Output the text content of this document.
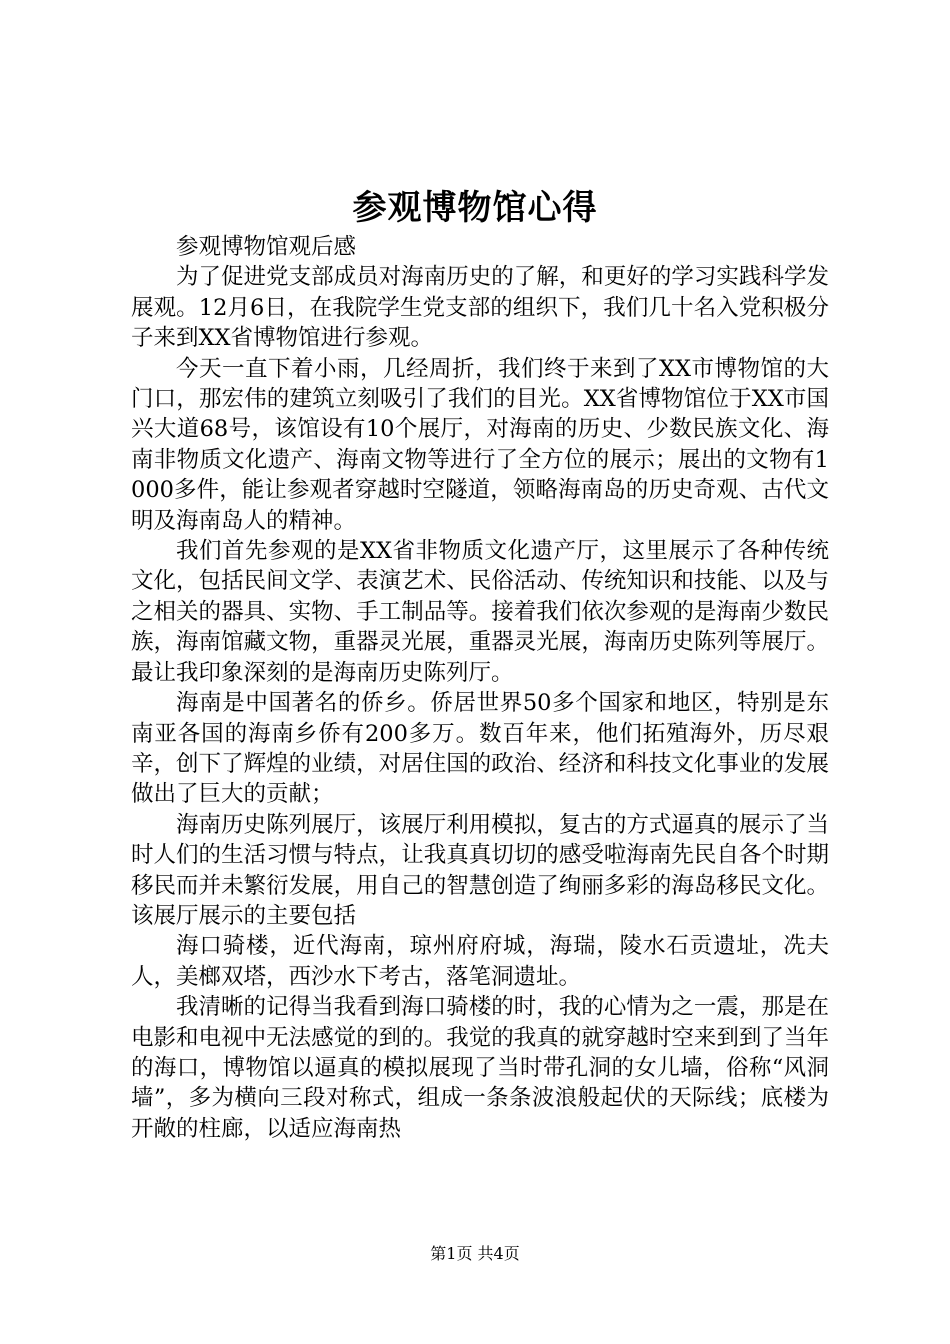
参观博物馆心得

参观博物馆观后感

为了促进党支部成员对海南历史的了解，和更好的学习实践科学发展观。12月6日，在我院学生党支部的组织下，我们几十名入党积极分子来到XX省博物馆进行参观。

今天一直下着小雨，几经周折，我们终于来到了XX市博物馆的大门口，那宏伟的建筑立刻吸引了我们的目光。XX省博物馆位于XX市国兴大道68号，该馆设有10个展厅，对海南的历史、少数民族文化、海南非物质文化遗产、海南文物等进行了全方位的展示；展出的文物有1000多件，能让参观者穿越时空隧道，领略海南岛的历史奇观、古代文明及海南岛人的精神。

我们首先参观的是XX省非物质文化遗产厅，这里展示了各种传统文化，包括民间文学、表演艺术、民俗活动、传统知识和技能、以及与之相关的器具、实物、手工制品等。接着我们依次参观的是海南少数民族，海南馆藏文物，重器灵光展，重器灵光展，海南历史陈列等展厅。最让我印象深刻的是海南历史陈列厅。

海南是中国著名的侨乡。侨居世界50多个国家和地区，特别是东南亚各国的海南乡侨有200多万。数百年来，他们拓殖海外，历尽艰辛，创下了辉煌的业绩，对居住国的政治、经济和科技文化事业的发展做出了巨大的贡献；

海南历史陈列展厅，该展厅利用模拟，复古的方式逼真的展示了当时人们的生活习惯与特点，让我真真切切的感受啦海南先民自各个时期移民而并未繁衍发展，用自己的智慧创造了绚丽多彩的海岛移民文化。该展厅展示的主要包括

海口骑楼，近代海南，琼州府府城，海瑞，陵水石贡遗址，冼夫人，美榔双塔，西沙水下考古，落笔洞遗址。

我清晰的记得当我看到海口骑楼的时，我的心情为之一震，那是在电影和电视中无法感觉的到的。我觉的我真的就穿越时空来到到了当年的海口，博物馆以逼真的模拟展现了当时带孔洞的女儿墙，俗称“风洞墙”，多为横向三段对称式，组成一条条波浪般起伏的天际线；底楼为开敞的柱廊，以适应海南热

第1页 共4页
